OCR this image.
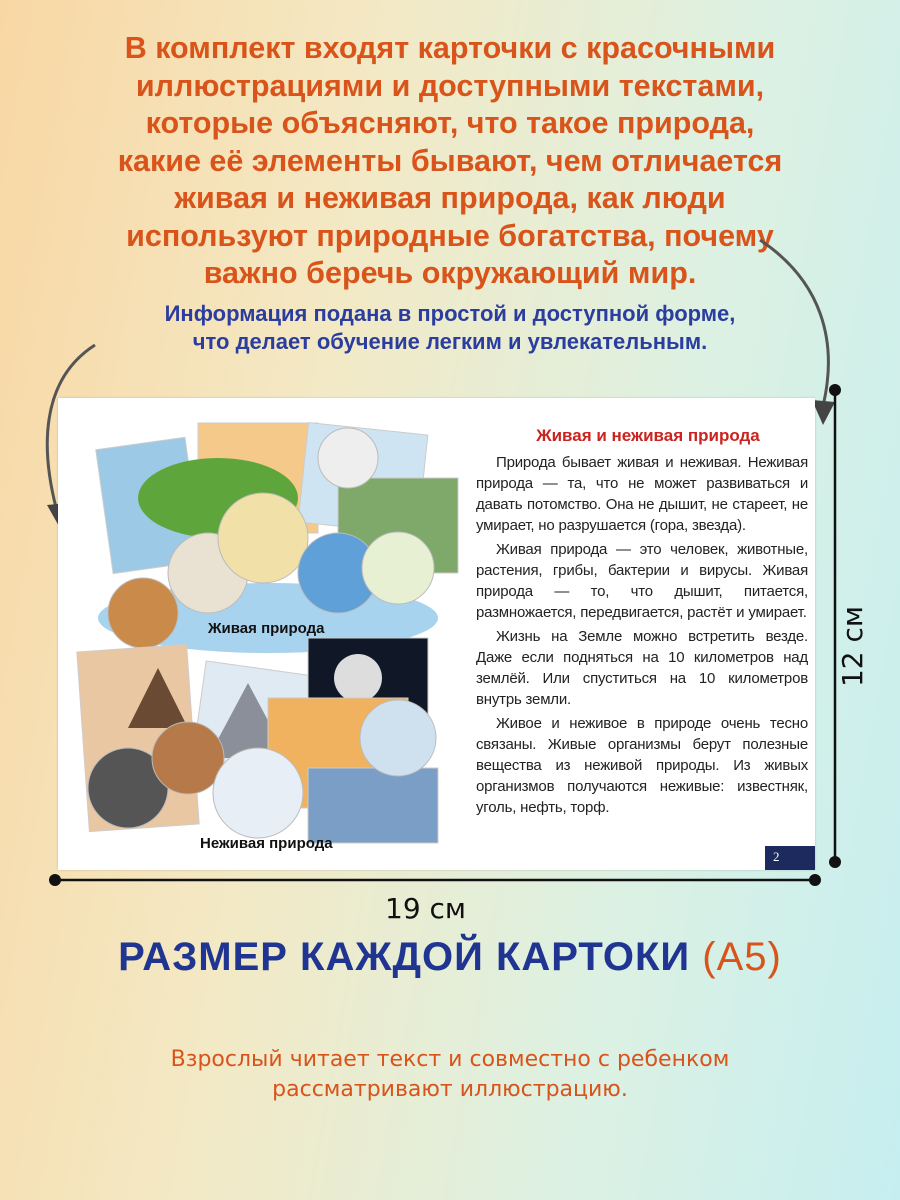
В комплект входят карточки с красочными
иллюстрациями и доступными текстами,
которые объясняют, что такое природа,
какие её элементы бывают, чем отличается
живая и неживая природа, как люди
используют природные богатства, почему
важно беречь окружающий мир.
Информация подана в простой и доступной форме,
что делает обучение легким и увлекательным.
Живая природа
Неживая природа
Живая и неживая природа

Природа бывает живая и неживая. Неживая природа — та, что не может развиваться и давать потомство. Она не дышит, не стареет, не умирает, но разрушается (гора, звезда).

Живая природа — это человек, животные, растения, грибы, бактерии и вирусы. Живая природа — то, что дышит, питается, размножается, передвигается, растёт и умирает.

Жизнь на Земле можно встретить везде. Даже если подняться на 10 километров над землёй. Или спуститься на 10 километров внутрь земли.

Живое и неживое в природе очень тесно связаны. Живые организмы берут полезные вещества из неживой природы. Из живых организмов получаются неживые: известняк, уголь, нефть, торф.

2
19 см
12 см
РАЗМЕР КАЖДОЙ КАРТОКИ (А5)
Взрослый читает текст и совместно с ребенком
рассматривают иллюстрацию.
